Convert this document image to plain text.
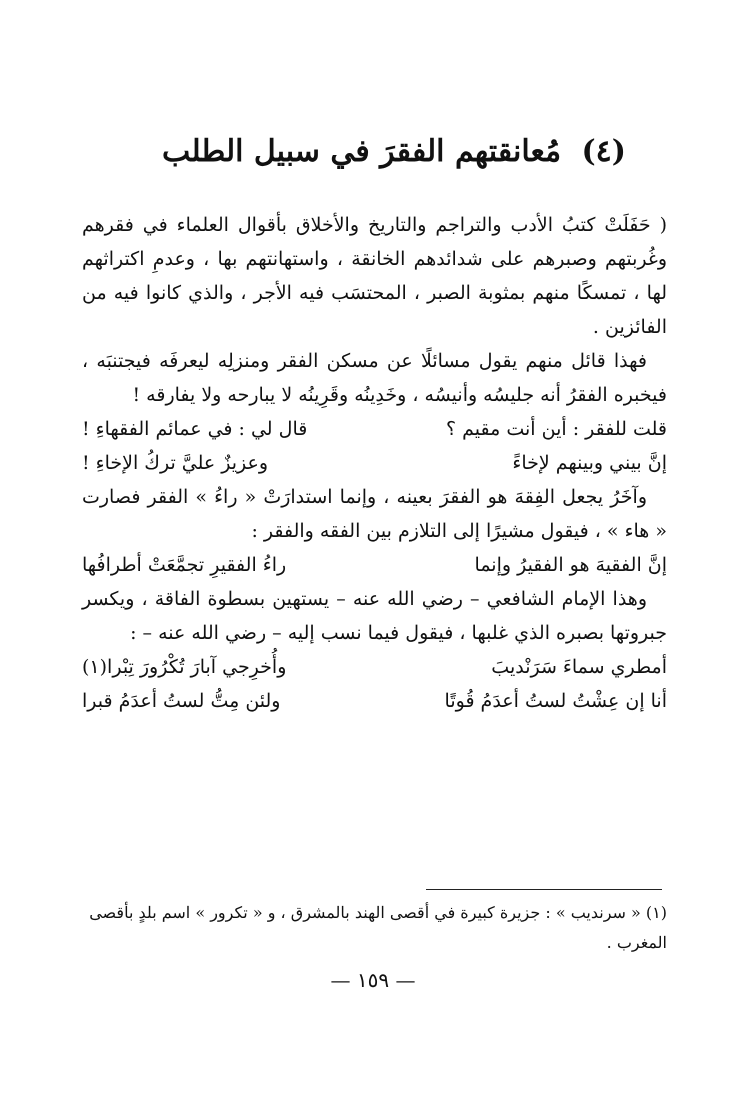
(٤) مُعانقتهم الفقرَ في سبيل الطلب

( حَفَلَتْ كتبُ الأدب والتراجم والتاريخ والأخلاق بأقوال العلماء في فقرهم وغُربتهم وصبرهم على شدائدهم الخانقة ، واستهانتهم بها ، وعدمِ اكتراثهم لها ، تمسكًا منهم بمثوبة الصبر ، المحتسَب فيه الأجر ، والذي كانوا فيه من الفائزين .

فهذا قائل منهم يقول مسائلًا عن مسكن الفقر ومنزلِه ليعرفَه فيجتنبَه ، فيخبره الفقرُ أنه جليسُه وأنيسُه ، وخَدِينُه وقَرِينُه لا يبارحه ولا يفارقه !

قلت للفقر : أين أنت مقيم ؟
قال لي : في عمائم الفقهاءِ !
إنَّ بيني وبينهم لإخاءً
وعزيزٌ عليَّ تركُ الإخاءِ !

وآخَرُ يجعل الفِقهَ هو الفقرَ بعينه ، وإنما استدارَتْ « راءُ » الفقر فصارت « هاء » ، فيقول مشيرًا إلى التلازم بين الفقه والفقر :

إنَّ الفقيهَ هو الفقيرُ وإنما
راءُ الفقيرِ تجمَّعَتْ أطرافُها

وهذا الإمام الشافعي – رضي الله عنه – يستهين بسطوة الفاقة ، ويكسر جبروتها بصبره الذي غلبها ، فيقول فيما نسب إليه – رضي الله عنه – :

أمطري سماءَ سَرَنْديبَ
وأُخرِجي آبارَ تُكْرُورَ تِبْرا(١)
أنا إن عِشْتُ لستُ أعدَمُ قُوتًا
ولئن مِتُّ لستُ أعدَمُ قبرا
(١) « سرنديب » : جزيرة كبيرة في أقصى الهند بالمشرق ، و « تكرور » اسم بلدٍ بأقصى المغرب .
— ١٥٩ —
